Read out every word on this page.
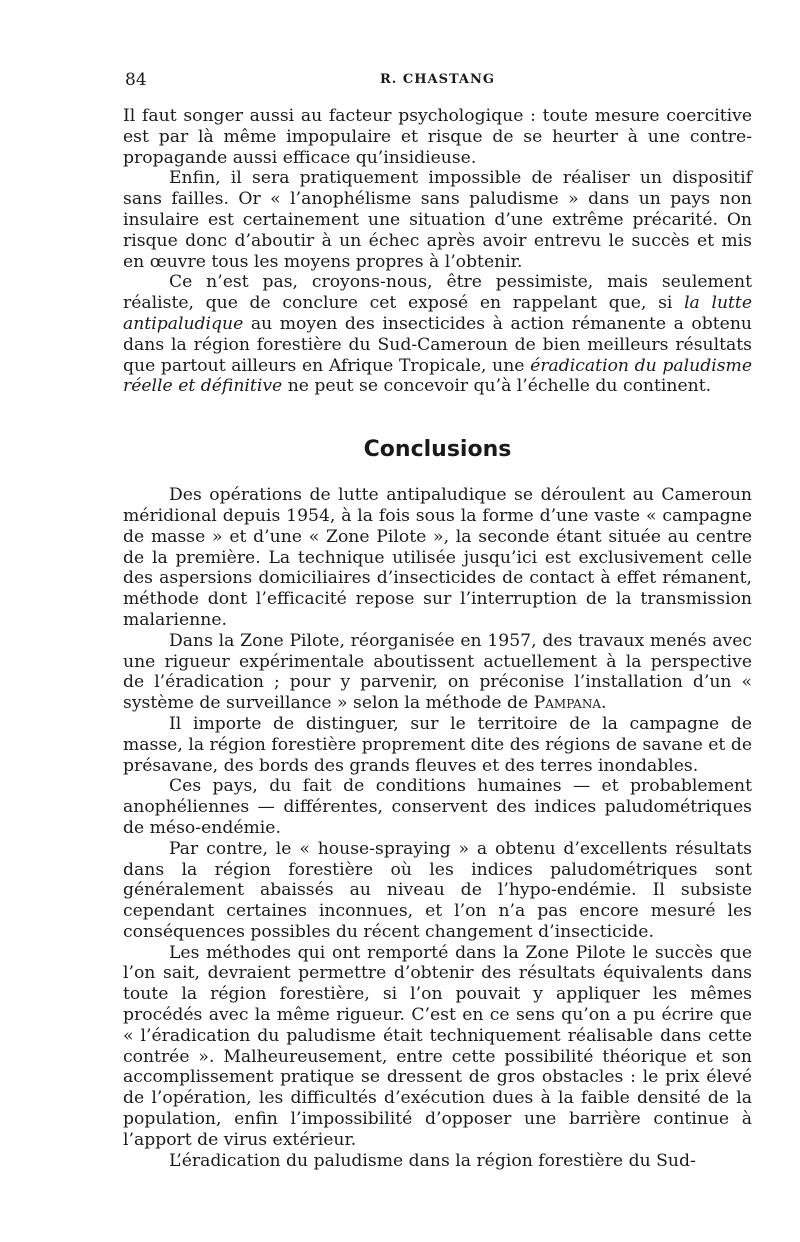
84	R. CHASTANG

Il faut songer aussi au facteur psychologique : toute mesure coercitive est par là même impopulaire et risque de se heurter à une contre-propagande aussi efficace qu’insidieuse.

Enfin, il sera pratiquement impossible de réaliser un dispositif sans failles. Or « l’anophélisme sans paludisme » dans un pays non insulaire est certainement une situation d’une extrême précarité. On risque donc d’aboutir à un échec après avoir entrevu le succès et mis en œuvre tous les moyens propres à l’obtenir.

Ce n’est pas, croyons-nous, être pessimiste, mais seulement réaliste, que de conclure cet exposé en rappelant que, si la lutte antipaludique au moyen des insecticides à action rémanente a obtenu dans la région forestière du Sud-Cameroun de bien meilleurs résultats que partout ailleurs en Afrique Tropicale, une éradication du paludisme réelle et définitive ne peut se concevoir qu’à l’échelle du continent.

Conclusions

Des opérations de lutte antipaludique se déroulent au Cameroun méridional depuis 1954, à la fois sous la forme d’une vaste « campagne de masse » et d’une « Zone Pilote », la seconde étant située au centre de la première. La technique utilisée jusqu’ici est exclusivement celle des aspersions domiciliaires d’insecticides de contact à effet rémanent, méthode dont l’efficacité repose sur l’interruption de la transmission malarienne.

Dans la Zone Pilote, réorganisée en 1957, des travaux menés avec une rigueur expérimentale aboutissent actuellement à la perspective de l’éradication ; pour y parvenir, on préconise l’installation d’un « système de surveillance » selon la méthode de Pampana.

Il importe de distinguer, sur le territoire de la campagne de masse, la région forestière proprement dite des régions de savane et de présavane, des bords des grands fleuves et des terres inondables.

Ces pays, du fait de conditions humaines — et probablement anophéliennes — différentes, conservent des indices paludométriques de méso-endémie.

Par contre, le « house-spraying » a obtenu d’excellents résultats dans la région forestière où les indices paludométriques sont généralement abaissés au niveau de l’hypo-endémie. Il subsiste cependant certaines inconnues, et l’on n’a pas encore mesuré les conséquences possibles du récent changement d’insecticide.

Les méthodes qui ont remporté dans la Zone Pilote le succès que l’on sait, devraient permettre d’obtenir des résultats équivalents dans toute la région forestière, si l’on pouvait y appliquer les mêmes procédés avec la même rigueur. C’est en ce sens qu’on a pu écrire que « l’éradication du paludisme était techniquement réalisable dans cette contrée ». Malheureusement, entre cette possibilité théorique et son accomplissement pratique se dressent de gros obstacles : le prix élevé de l’opération, les difficultés d’exécution dues à la faible densité de la population, enfin l’impossibilité d’opposer une barrière continue à l’apport de virus extérieur.

L’éradication du paludisme dans la région forestière du Sud-
